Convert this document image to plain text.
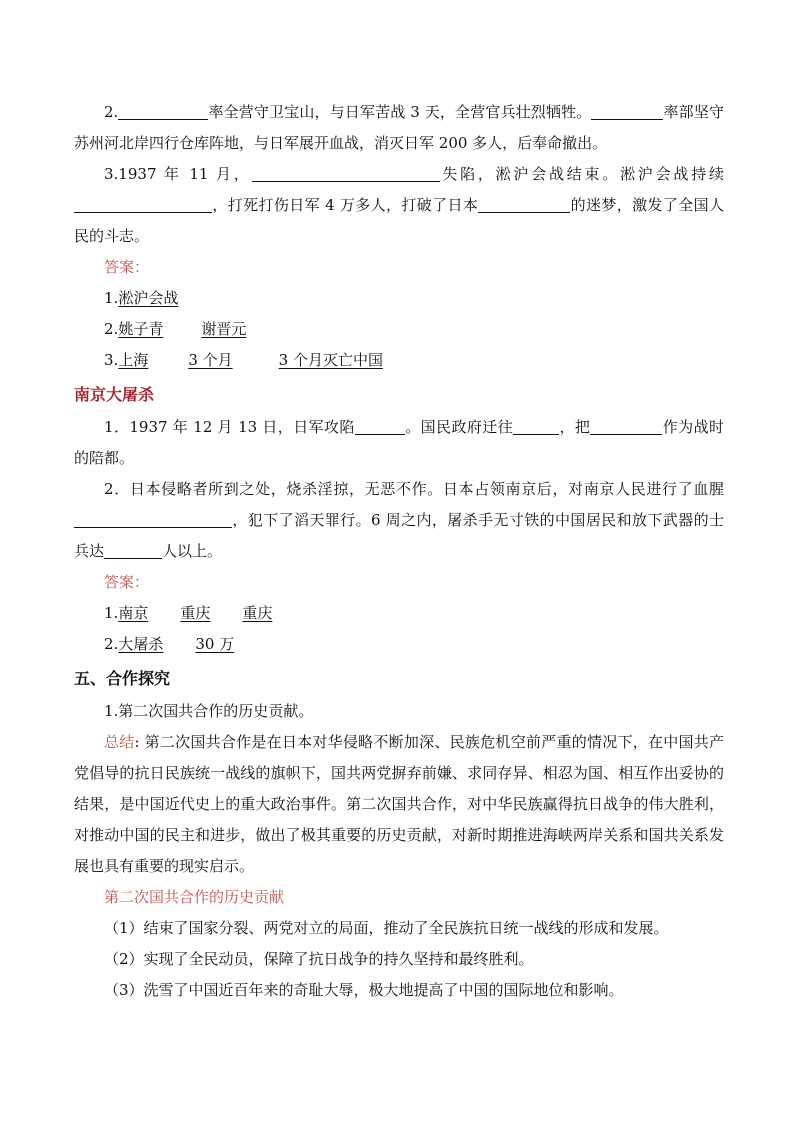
2.	率全营守卫宝山，与日军苦战 3 天，全营官兵壮烈牺牲。	率部坚守苏州河北岸四行仓库阵地，与日军展开血战，消灭日军 200 多人，后奉命撤出。

3.1937 年 11 月，	失陷，淞沪会战结束。淞沪会战持续，打死打伤日军 4 万多人，打破了日本	的迷梦，激发了全国人民的斗志。

答案：
1.淞沪会战
2.姚子青	谢晋元
3.上海	3 个月	3 个月灭亡中国
南京大屠杀

1．1937 年 12 月 13 日，日军攻陷	。国民政府迁往	，把	作为战时的陪都。

2．日本侵略者所到之处，烧杀淫掠，无恶不作。日本占领南京后，对南京人民进行了血腥，犯下了滔天罪行。6 周之内，屠杀手无寸铁的中国居民和放下武器的士兵达	人以上。

答案：
1.南京 重庆 重庆
2.大屠杀 30 万
五、合作探究

1.第二次国共合作的历史贡献。

总结: 第二次国共合作是在日本对华侵略不断加深、民族危机空前严重的情况下，在中国共产党倡导的抗日民族统一战线的旗帜下，国共两党摒弃前嫌、求同存异、相忍为国、相互作出妥协的结果，是中国近代史上的重大政治事件。第二次国共合作，对中华民族赢得抗日战争的伟大胜利，对推动中国的民主和进步，做出了极其重要的历史贡献，对新时期推进海峡两岸关系和国共关系发展也具有重要的现实启示。

第二次国共合作的历史贡献
（1）结束了国家分裂、两党对立的局面，推动了全民族抗日统一战线的形成和发展。
（2）实现了全民动员，保障了抗日战争的持久坚持和最终胜利。
（3）洗雪了中国近百年来的奇耻大辱，极大地提高了中国的国际地位和影响。
